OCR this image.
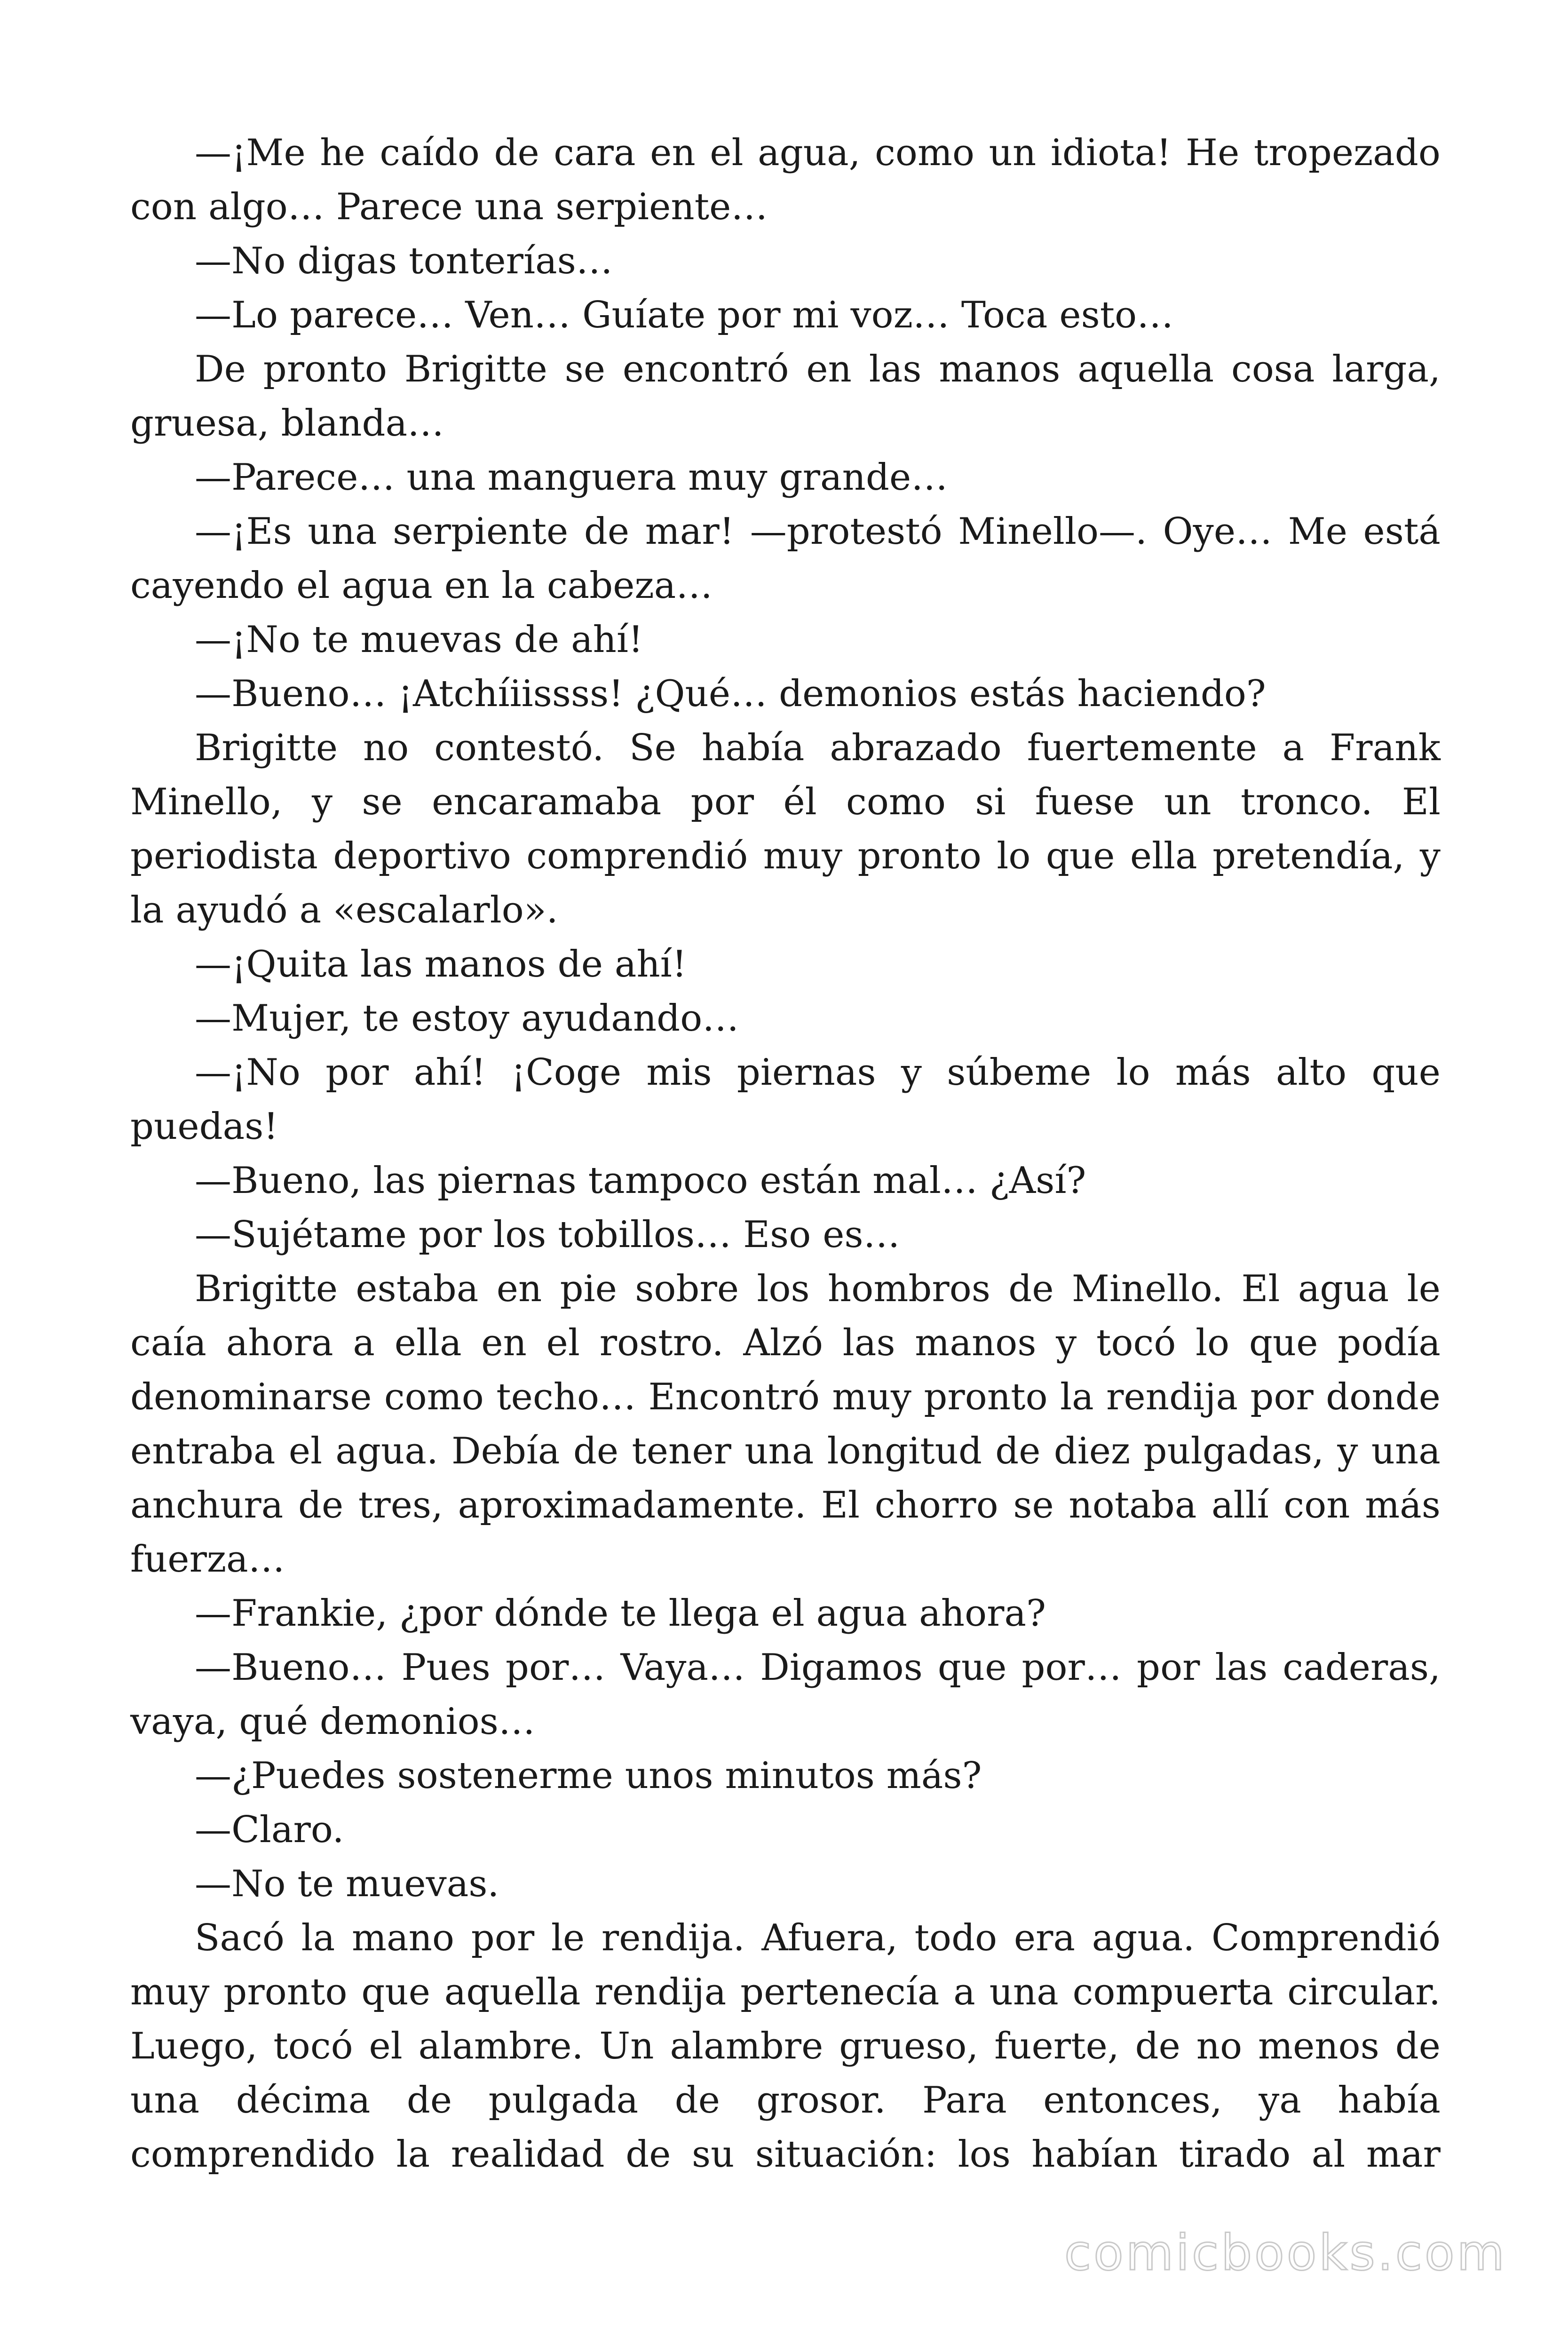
—¡Me he caído de cara en el agua, como un idiota! He tropezado con algo… Parece una serpiente…

—No digas tonterías…

—Lo parece… Ven… Guíate por mi voz… Toca esto…

De pronto Brigitte se encontró en las manos aquella cosa larga, gruesa, blanda…

—Parece… una manguera muy grande…

—¡Es una serpiente de mar! —protestó Minello—. Oye… Me está cayendo el agua en la cabeza…

—¡No te muevas de ahí!

—Bueno… ¡Atchíiissss! ¿Qué… demonios estás haciendo?

Brigitte no contestó. Se había abrazado fuertemente a Frank Minello, y se encaramaba por él como si fuese un tronco. El periodista deportivo comprendió muy pronto lo que ella pretendía, y la ayudó a «escalarlo».

—¡Quita las manos de ahí!

—Mujer, te estoy ayudando…

—¡No por ahí! ¡Coge mis piernas y súbeme lo más alto que puedas!

—Bueno, las piernas tampoco están mal… ¿Así?

—Sujétame por los tobillos… Eso es…

Brigitte estaba en pie sobre los hombros de Minello. El agua le caía ahora a ella en el rostro. Alzó las manos y tocó lo que podía denominarse como techo… Encontró muy pronto la rendija por donde entraba el agua. Debía de tener una longitud de diez pulgadas, y una anchura de tres, aproximadamente. El chorro se notaba allí con más fuerza…

—Frankie, ¿por dónde te llega el agua ahora?

—Bueno… Pues por… Vaya… Digamos que por… por las caderas, vaya, qué demonios…

—¿Puedes sostenerme unos minutos más?

—Claro.

—No te muevas.

Sacó la mano por le rendija. Afuera, todo era agua. Comprendió muy pronto que aquella rendija pertenecía a una compuerta circular. Luego, tocó el alambre. Un alambre grueso, fuerte, de no menos de una décima de pulgada de grosor. Para entonces, ya había comprendido la realidad de su situación: los habían tirado al mar

comicbooks.com
